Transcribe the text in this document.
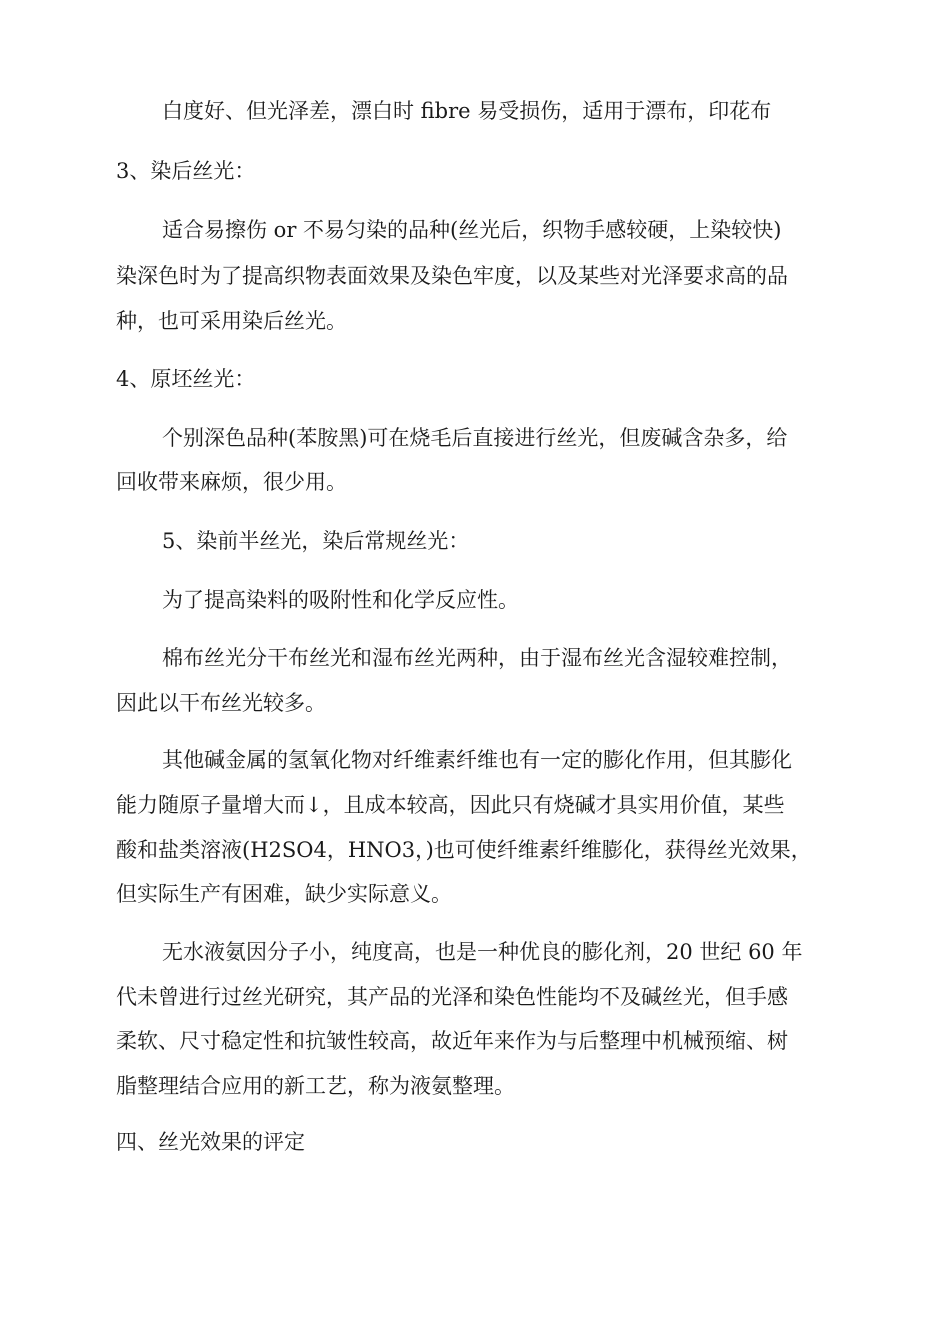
白度好、但光泽差，漂白时 fibre 易受损伤，适用于漂布，印花布
3、染后丝光：
适合易擦伤 or 不易匀染的品种(丝光后，织物手感较硬，上染较快)
染深色时为了提高织物表面效果及染色牢度，以及某些对光泽要求高的品
种，也可采用染后丝光。
4、原坯丝光：
个别深色品种(苯胺黑)可在烧毛后直接进行丝光，但废碱含杂多，给
回收带来麻烦，很少用。
5、染前半丝光，染后常规丝光：
为了提高染料的吸附性和化学反应性。
棉布丝光分干布丝光和湿布丝光两种，由于湿布丝光含湿较难控制，
因此以干布丝光较多。
其他碱金属的氢氧化物对纤维素纤维也有一定的膨化作用，但其膨化
能力随原子量增大而↓，且成本较高，因此只有烧碱才具实用价值，某些
酸和盐类溶液(H2SO4，HNO3，)也可使纤维素纤维膨化，获得丝光效果，
但实际生产有困难，缺少实际意义。
无水液氨因分子小，纯度高，也是一种优良的膨化剂，20 世纪 60 年
代未曾进行过丝光研究，其产品的光泽和染色性能均不及碱丝光，但手感
柔软、尺寸稳定性和抗皱性较高，故近年来作为与后整理中机械预缩、树
脂整理结合应用的新工艺，称为液氨整理。
四、丝光效果的评定
